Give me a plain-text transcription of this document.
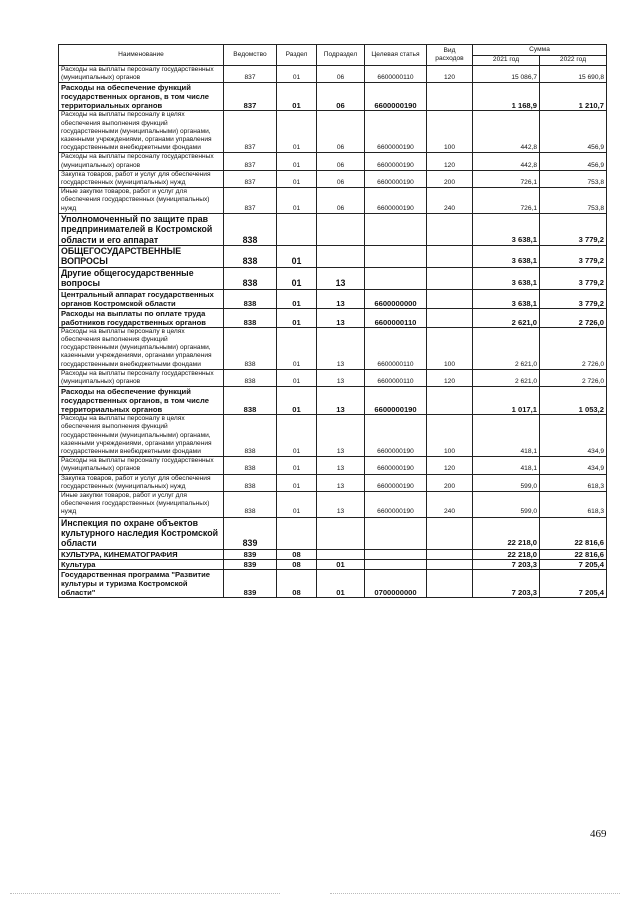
Наименование	Ведомство	Раздел	Подраздел	Целевая статья	Вид расходов	Сумма	
						2021 год	2022 год
Расходы на выплаты персоналу государственных (муниципальных) органов	837	01	06	6600000110	120	15 086,7	15 690,8
Расходы на обеспечение функций государственных органов, в том числе территориальных органов	837	01	06	6600000190		1 168,9	1 210,7
Расходы на выплаты персоналу в целях обеспечения выполнения функций государственными (муниципальными) органами, казенными учреждениями, органами управления государственными внебюджетными фондами	837	01	06	6600000190	100	442,8	456,9
Расходы на выплаты персоналу государственных (муниципальных) органов	837	01	06	6600000190	120	442,8	456,9
Закупка товаров, работ и услуг для обеспечения государственных (муниципальных) нужд	837	01	06	6600000190	200	726,1	753,8
Иные закупки товаров, работ и услуг для обеспечения государственных (муниципальных) нужд	837	01	06	6600000190	240	726,1	753,8
Уполномоченный по защите прав предпринимателей в Костромской области и его аппарат	838					3 638,1	3 779,2
ОБЩЕГОСУДАРСТВЕННЫЕ ВОПРОСЫ	838	01				3 638,1	3 779,2
Другие общегосударственные вопросы	838	01	13			3 638,1	3 779,2
Центральный аппарат государственных органов Костромской области	838	01	13	6600000000		3 638,1	3 779,2
Расходы на выплаты по оплате труда работников государственных органов	838	01	13	6600000110		2 621,0	2 726,0
Расходы на выплаты персоналу в целях обеспечения выполнения функций государственными (муниципальными) органами, казенными учреждениями, органами управления государственными внебюджетными фондами	838	01	13	6600000110	100	2 621,0	2 726,0
Расходы на выплаты персоналу государственных (муниципальных) органов	838	01	13	6600000110	120	2 621,0	2 726,0
Расходы на обеспечение функций государственных органов, в том числе территориальных органов	838	01	13	6600000190		1 017,1	1 053,2
Расходы на выплаты персоналу в целях обеспечения выполнения функций государственными (муниципальными) органами, казенными учреждениями, органами управления государственными внебюджетными фондами	838	01	13	6600000190	100	418,1	434,9
Расходы на выплаты персоналу государственных (муниципальных) органов	838	01	13	6600000190	120	418,1	434,9
Закупка товаров, работ и услуг для обеспечения государственных (муниципальных) нужд	838	01	13	6600000190	200	599,0	618,3
Иные закупки товаров, работ и услуг для обеспечения государственных (муниципальных) нужд	838	01	13	6600000190	240	599,0	618,3
Инспекция по охране объектов культурного наследия Костромской области	839					22 218,0	22 816,6
КУЛЬТУРА, КИНЕМАТОГРАФИЯ	839	08				22 218,0	22 816,6
Культура	839	08	01			7 203,3	7 205,4
Государственная программа "Развитие культуры и туризма Костромской области"	839	08	01	0700000000		7 203,3	7 205,4
469
